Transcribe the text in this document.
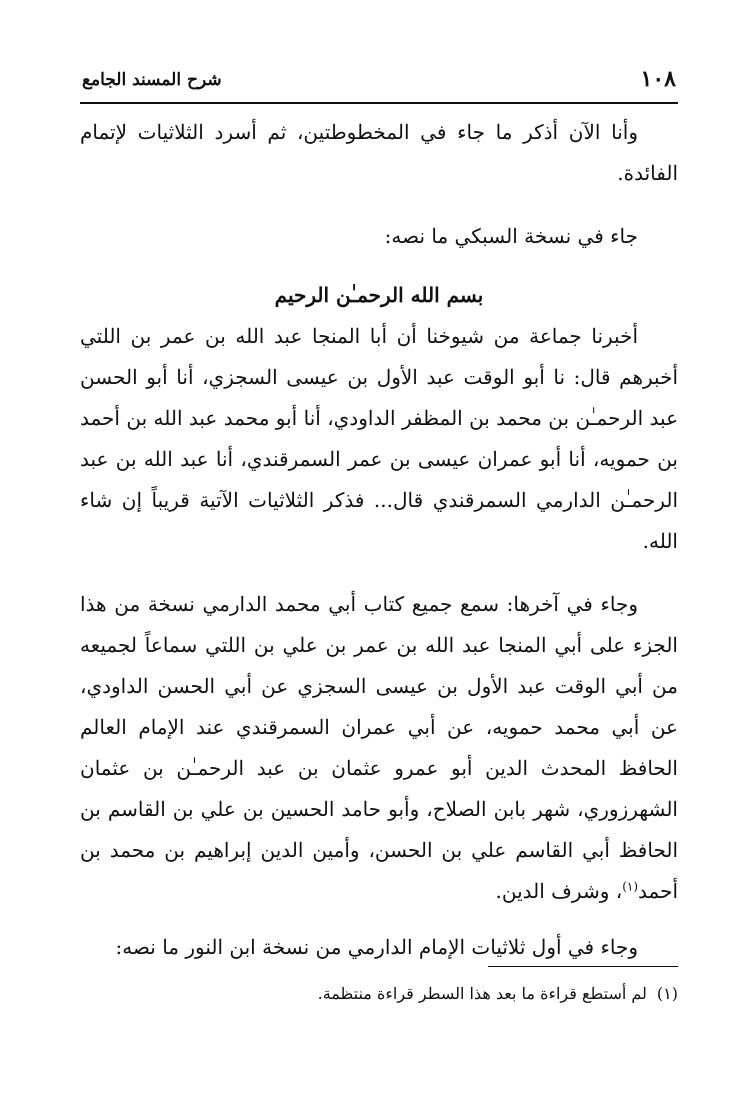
١٠٨
شرح المسند الجامع

وأنا الآن أذكر ما جاء في المخطوطتين، ثم أسرد الثلاثيات لإتمام الفائدة.

جاء في نسخة السبكي ما نصه:

بسم الله الرحمـٰن الرحيم

أخبرنا جماعة من شيوخنا أن أبا المنجا عبد الله بن عمر بن اللتي أخبرهم قال: نا أبو الوقت عبد الأول بن عيسى السجزي، أنا أبو الحسن عبد الرحمـٰن بن محمد بن المظفر الداودي، أنا أبو محمد عبد الله بن أحمد بن حمويه، أنا أبو عمران عيسى بن عمر السمرقندي، أنا عبد الله بن عبد الرحمـٰن الدارمي السمرقندي قال... فذكر الثلاثيات الآتية قريباً إن شاء الله.

وجاء في آخرها: سمع جميع كتاب أبي محمد الدارمي نسخة من هذا الجزء على أبي المنجا عبد الله بن عمر بن علي بن اللتي سماعاً لجميعه من أبي الوقت عبد الأول بن عيسى السجزي عن أبي الحسن الداودي، عن أبي محمد حمويه، عن أبي عمران السمرقندي عند الإمام العالم الحافظ المحدث الدين أبو عمرو عثمان بن عبد الرحمـٰن بن عثمان الشهرزوري، شهر بابن الصلاح، وأبو حامد الحسين بن علي بن القاسم بن الحافظ أبي القاسم علي بن الحسن، وأمين الدين إبراهيم بن محمد بن أحمد$^{(١)}$، وشرف الدين.

وجاء في أول ثلاثيات الإمام الدارمي من نسخة ابن النور ما نصه:

(١)لم أستطع قراءة ما بعد هذا السطر قراءة منتظمة.
